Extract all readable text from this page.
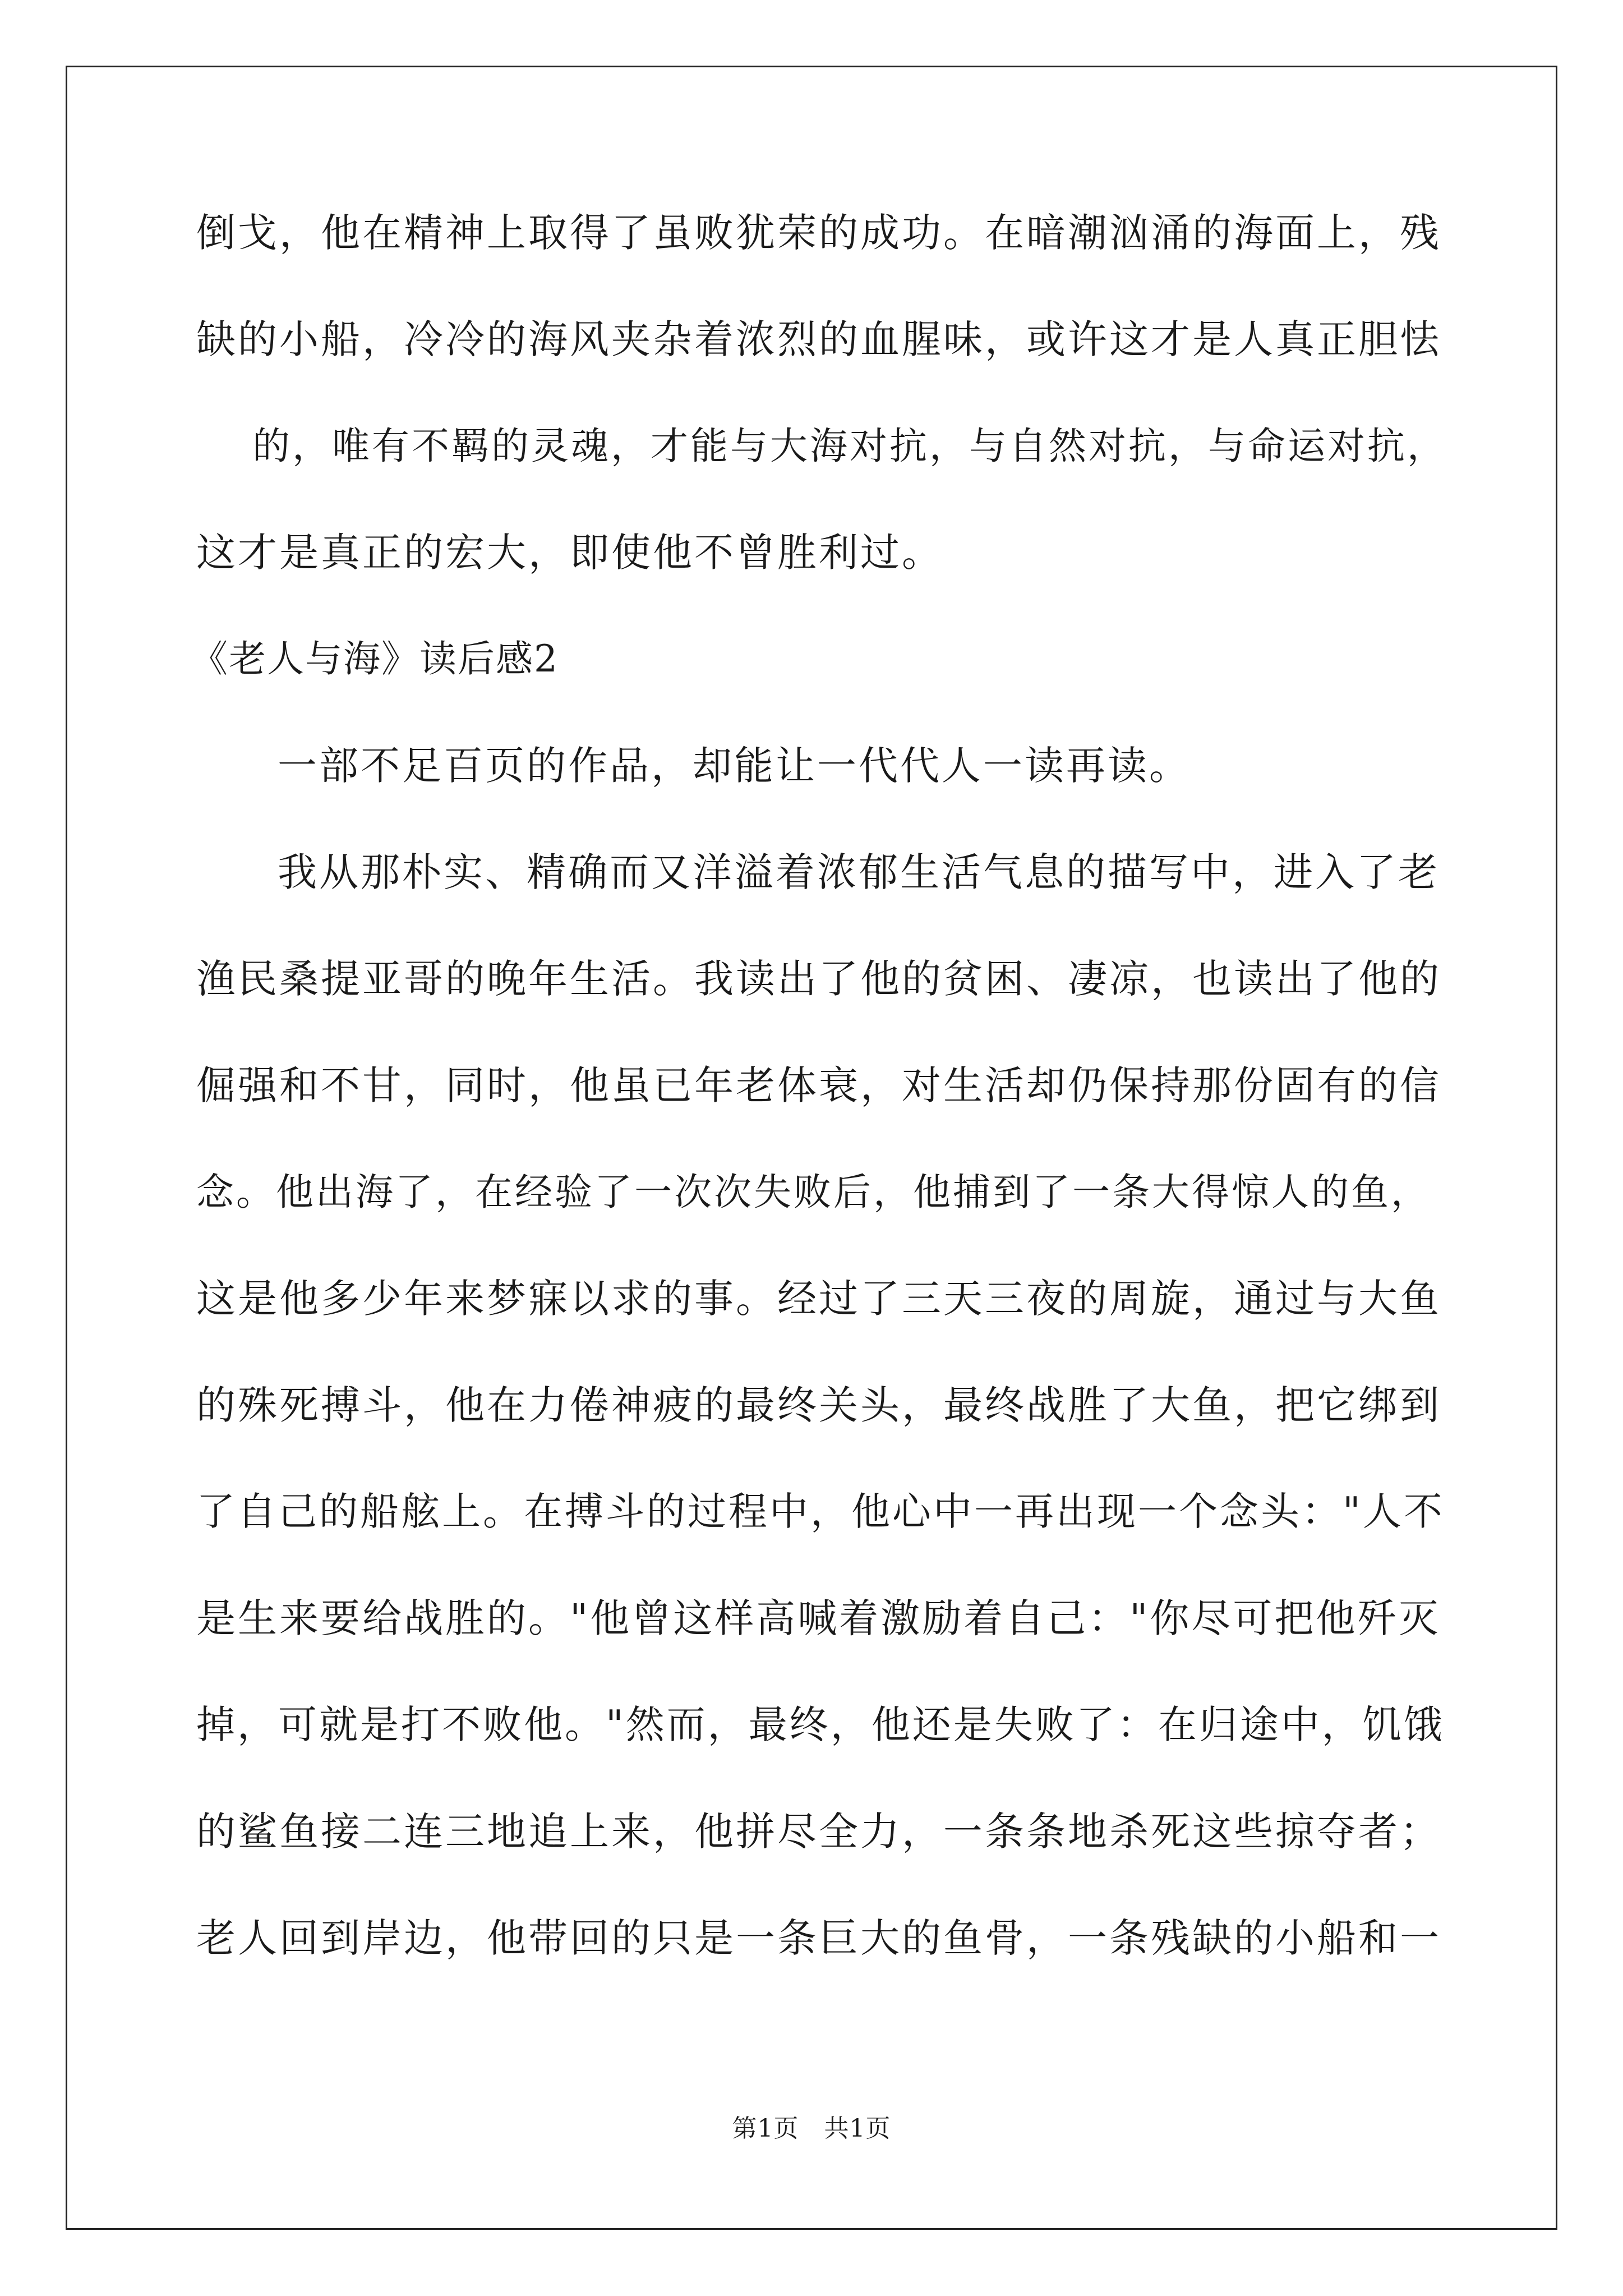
倒戈，他在精神上取得了虽败犹荣的成功。在暗潮汹涌的海面上，残
缺的小船，冷冷的海风夹杂着浓烈的血腥味，或许这才是人真正胆怯
的，唯有不羁的灵魂，才能与大海对抗，与自然对抗，与命运对抗，
这才是真正的宏大，即使他不曾胜利过。
《老人与海》读后感2
一部不足百页的作品，却能让一代代人一读再读。
我从那朴实、精确而又洋溢着浓郁生活气息的描写中，进入了老
渔民桑提亚哥的晚年生活。我读出了他的贫困、凄凉，也读出了他的
倔强和不甘，同时，他虽已年老体衰，对生活却仍保持那份固有的信
念。他出海了，在经验了一次次失败后，他捕到了一条大得惊人的鱼，
这是他多少年来梦寐以求的事。经过了三天三夜的周旋，通过与大鱼
的殊死搏斗，他在力倦神疲的最终关头，最终战胜了大鱼，把它绑到
了自己的船舷上。在搏斗的过程中，他心中一再出现一个念头："人不
是生来要给战胜的。"他曾这样高喊着激励着自己："你尽可把他歼灭
掉，可就是打不败他。"然而，最终，他还是失败了：在归途中，饥饿
的鲨鱼接二连三地追上来，他拼尽全力，一条条地杀死这些掠夺者；
老人回到岸边，他带回的只是一条巨大的鱼骨，一条残缺的小船和一
第1页　共1页
